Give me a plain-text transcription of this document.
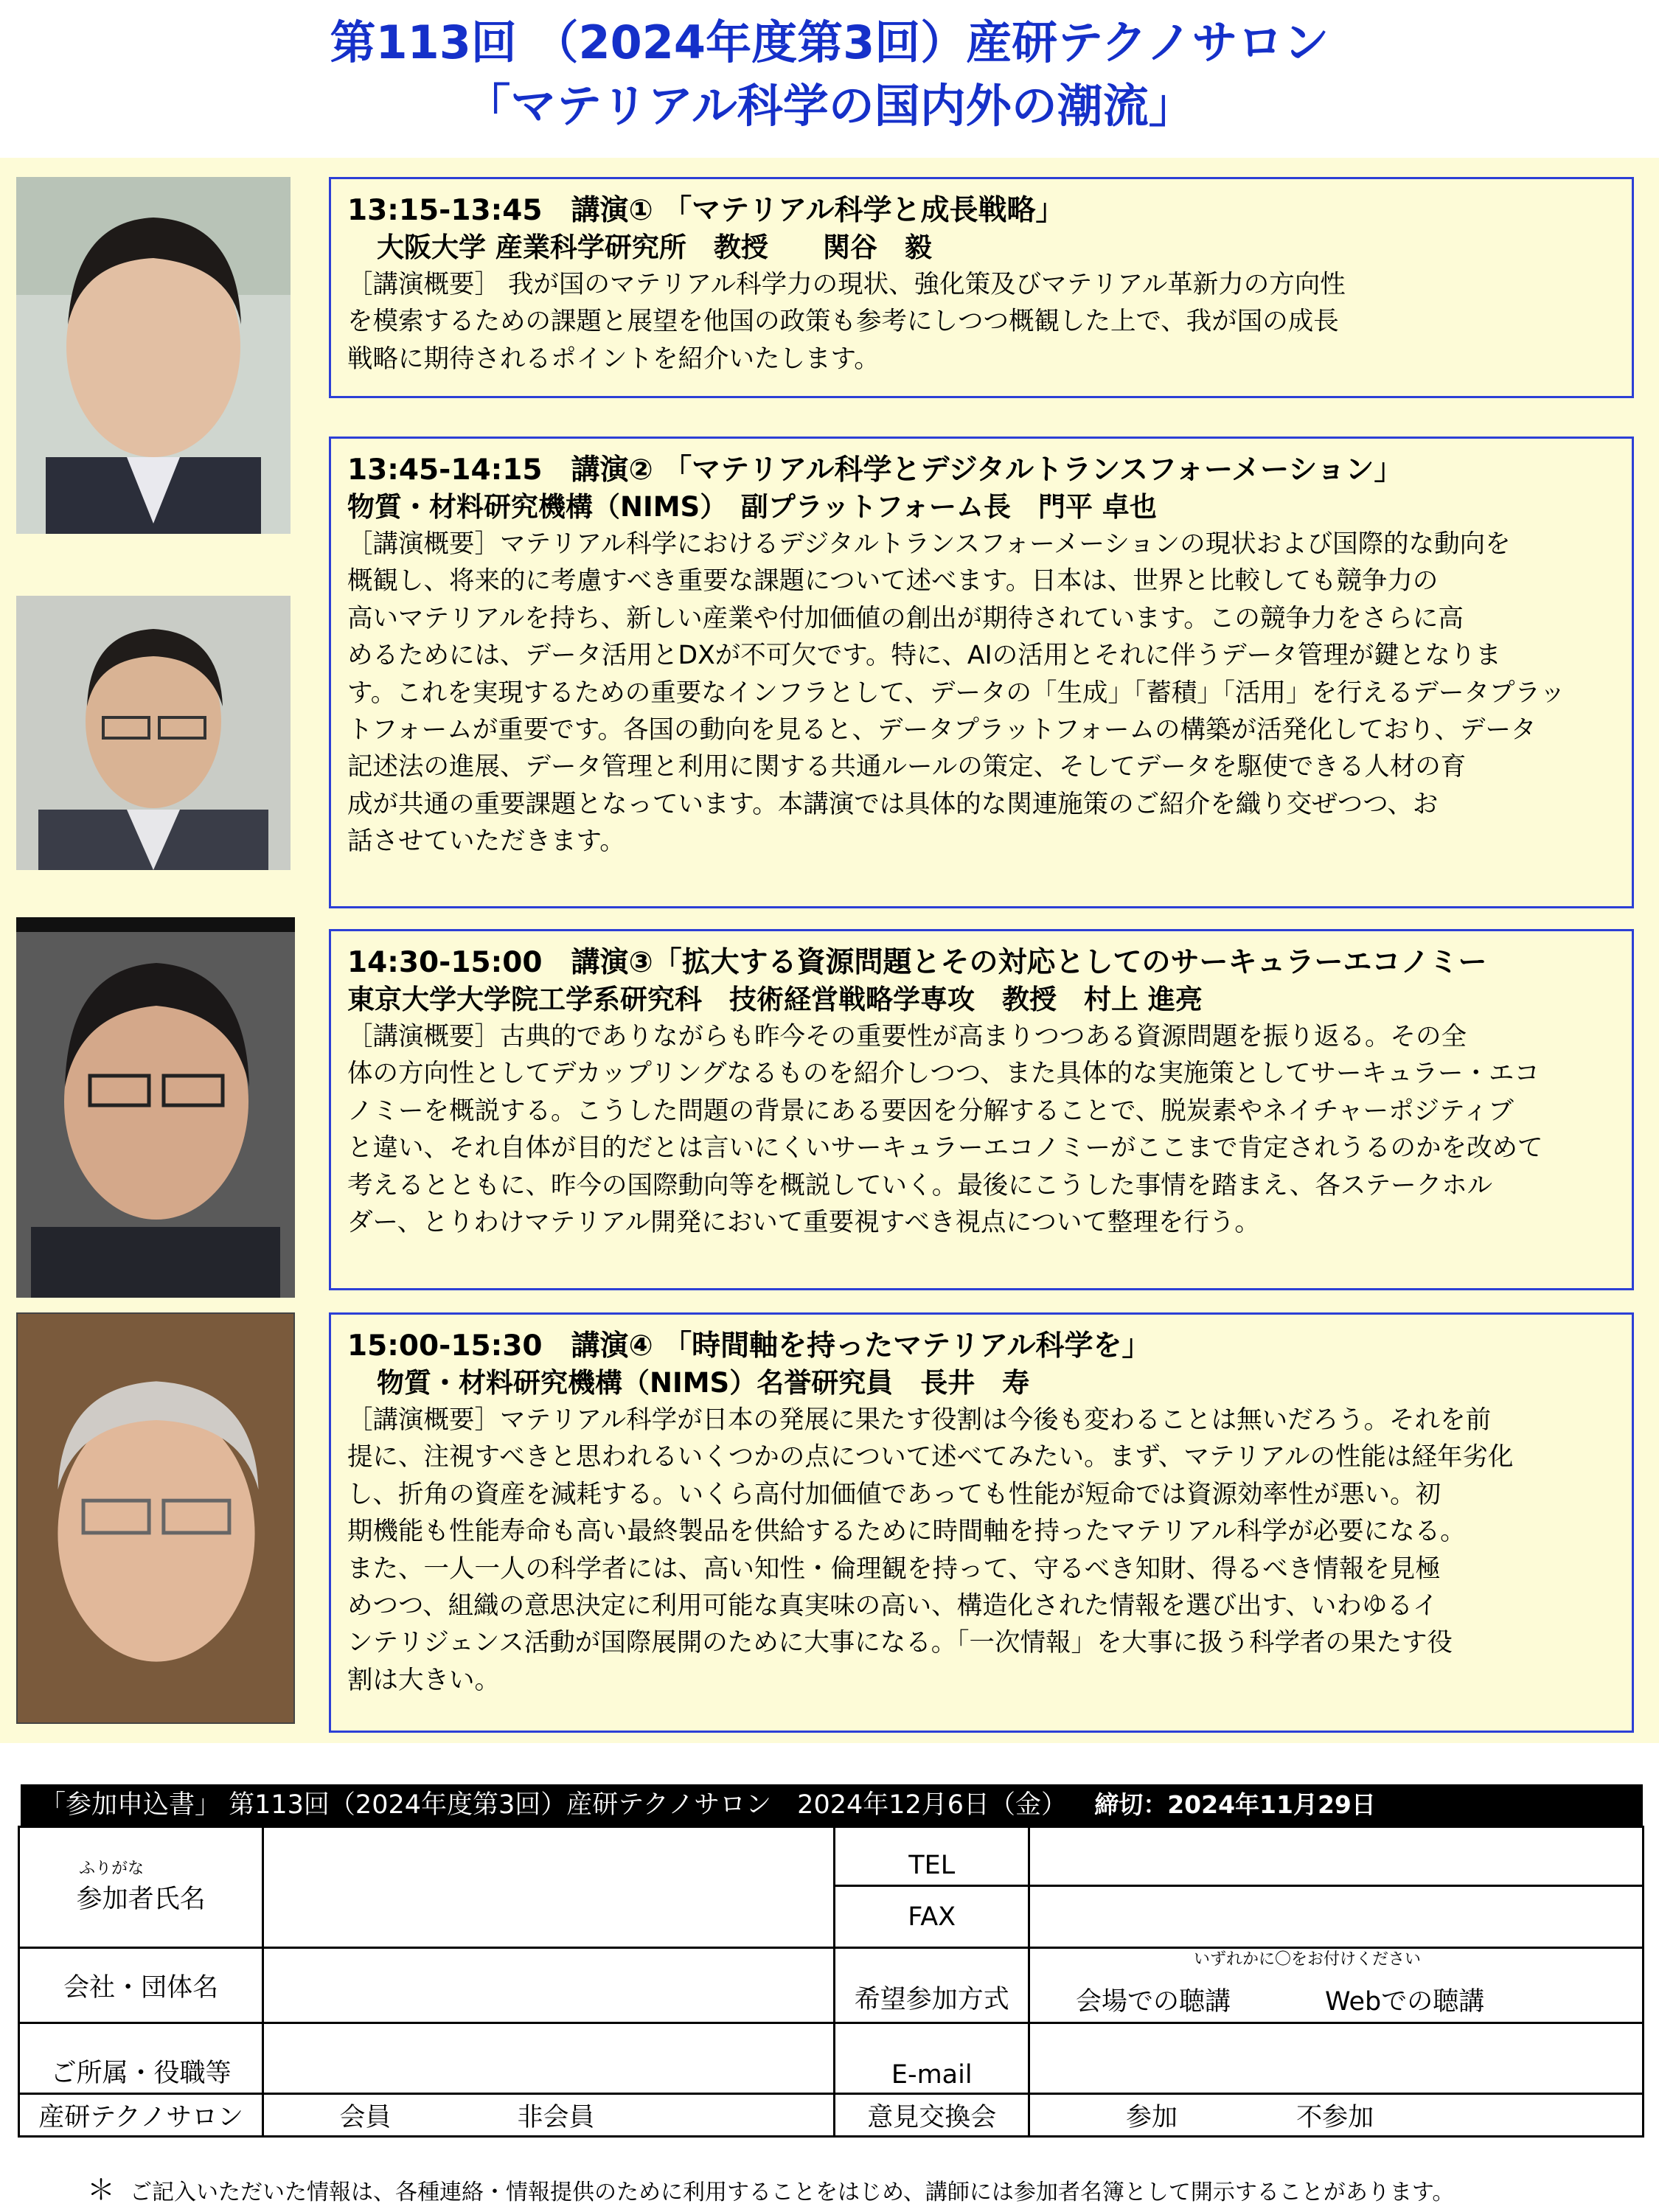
第113回 （2024年度第3回）産研テクノサロン
「マテリアル科学の国内外の潮流」
13:15-13:45　講演① 「マテリアル科学と成長戦略」
大阪大学 産業科学研究所　教授　　関谷　毅

［講演概要］ 我が国のマテリアル科学力の現状、強化策及びマテリアル革新力の方向性

を模索するための課題と展望を他国の政策も参考にしつつ概観した上で、我が国の成長

戦略に期待されるポイントを紹介いたします。

13:45-14:15　講演② 「マテリアル科学とデジタルトランスフォーメーション」
物質・材料研究機構（NIMS）　副プラットフォーム長　門平 卓也

［講演概要］マテリアル科学におけるデジタルトランスフォーメーションの現状および国際的な動向を

概観し、将来的に考慮すべき重要な課題について述べます。日本は、世界と比較しても競争力の

高いマテリアルを持ち、新しい産業や付加価値の創出が期待されています。この競争力をさらに高

めるためには、データ活用とDXが不可欠です。特に、AIの活用とそれに伴うデータ管理が鍵となりま

す。これを実現するための重要なインフラとして、データの「生成」「蓄積」「活用」を行えるデータプラッ

トフォームが重要です。各国の動向を見ると、データプラットフォームの構築が活発化しており、データ

記述法の進展、データ管理と利用に関する共通ルールの策定、そしてデータを駆使できる人材の育

成が共通の重要課題となっています。本講演では具体的な関連施策のご紹介を織り交ぜつつ、お

話させていただきます。

14:30-15:00　講演③「拡大する資源問題とその対応としてのサーキュラーエコノミー
東京大学大学院工学系研究科　技術経営戦略学専攻　教授　村上 進亮

［講演概要］古典的でありながらも昨今その重要性が高まりつつある資源問題を振り返る。その全

体の方向性としてデカップリングなるものを紹介しつつ、また具体的な実施策としてサーキュラー・エコ

ノミーを概説する。こうした問題の背景にある要因を分解することで、脱炭素やネイチャーポジティブ

と違い、それ自体が目的だとは言いにくいサーキュラーエコノミーがここまで肯定されうるのかを改めて

考えるとともに、昨今の国際動向等を概説していく。最後にこうした事情を踏まえ、各ステークホル

ダー、とりわけマテリアル開発において重要視すべき視点について整理を行う。

15:00-15:30　講演④ 「時間軸を持ったマテリアル科学を」
物質・材料研究機構（NIMS）名誉研究員　長井　寿

［講演概要］マテリアル科学が日本の発展に果たす役割は今後も変わることは無いだろう。それを前

提に、注視すべきと思われるいくつかの点について述べてみたい。まず、マテリアルの性能は経年劣化

し、折角の資産を減耗する。いくら高付加価値であっても性能が短命では資源効率性が悪い。初

期機能も性能寿命も高い最終製品を供給するために時間軸を持ったマテリアル科学が必要になる。

また、一人一人の科学者には、高い知性・倫理観を持って、守るべき知財、得るべき情報を見極

めつつ、組織の意思決定に利用可能な真実味の高い、構造化された情報を選び出す、いわゆるイ

ンテリジェンス活動が国際展開のために大事になる。「一次情報」を大事に扱う科学者の果たす役

割は大きい。

「参加申込書」 第113回（2024年度第3回）産研テクノサロン　2024年12月6日（金） 締切：2024年11月29日
ふりがな
参加者氏名		TEL	
		FAX	
会社・団体名		希望参加方式	いずれかに〇をお付けください
会場での聴講 Webでの聴講

ご所属・役職等		E-mail	
産研テクノサロン	会員 非会員	意見交換会	参加 不参加
＊ ご記入いただいた情報は、各種連絡・情報提供のために利用することをはじめ、講師には参加者名簿として開示することがあります。
